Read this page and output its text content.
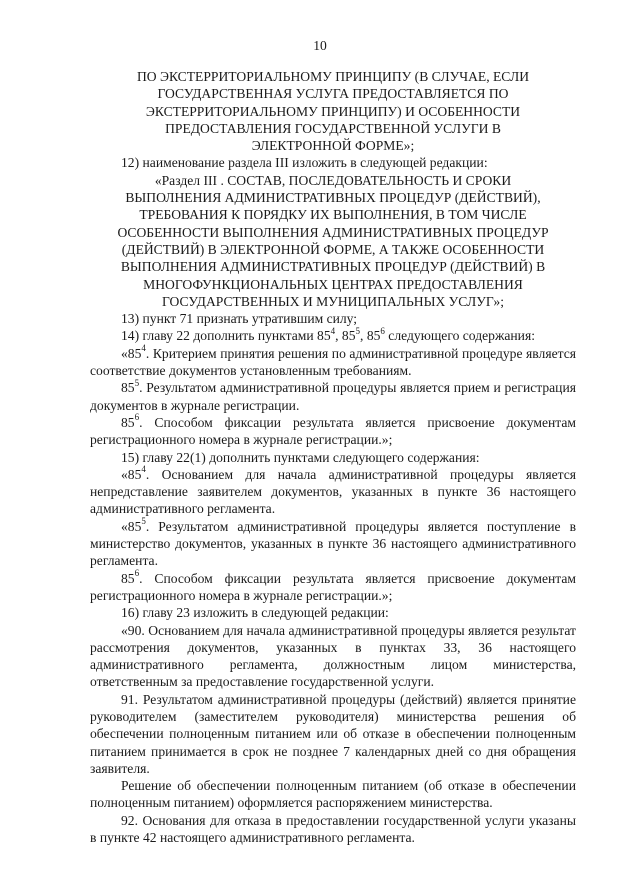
10
ПО ЭКСТЕРРИТОРИАЛЬНОМУ ПРИНЦИПУ (В СЛУЧАЕ, ЕСЛИ
ГОСУДАРСТВЕННАЯ УСЛУГА ПРЕДОСТАВЛЯЕТСЯ ПО
ЭКСТЕРРИТОРИАЛЬНОМУ ПРИНЦИПУ) И ОСОБЕННОСТИ
ПРЕДОСТАВЛЕНИЯ ГОСУДАРСТВЕННОЙ УСЛУГИ В
ЭЛЕКТРОННОЙ ФОРМЕ»;

12) наименование раздела III изложить в следующей редакции:

«Раздел III . СОСТАВ, ПОСЛЕДОВАТЕЛЬНОСТЬ И СРОКИ
ВЫПОЛНЕНИЯ АДМИНИСТРАТИВНЫХ ПРОЦЕДУР (ДЕЙСТВИЙ),
ТРЕБОВАНИЯ К ПОРЯДКУ ИХ ВЫПОЛНЕНИЯ, В ТОМ ЧИСЛЕ
ОСОБЕННОСТИ ВЫПОЛНЕНИЯ АДМИНИСТРАТИВНЫХ ПРОЦЕДУР
(ДЕЙСТВИЙ) В ЭЛЕКТРОННОЙ ФОРМЕ, А ТАКЖЕ ОСОБЕННОСТИ
ВЫПОЛНЕНИЯ АДМИНИСТРАТИВНЫХ ПРОЦЕДУР (ДЕЙСТВИЙ) В
МНОГОФУНКЦИОНАЛЬНЫХ ЦЕНТРАХ ПРЕДОСТАВЛЕНИЯ
ГОСУДАРСТВЕННЫХ И МУНИЦИПАЛЬНЫХ УСЛУГ»;

13) пункт 71 признать утратившим силу;

14) главу 22 дополнить пунктами $85^4$, $85^5$, $85^6$ следующего содержания:

«$85^4$. Критерием принятия решения по административной процедуре является соответствие документов установленным требованиям.

$85^5$. Результатом административной процедуры является прием и регистрация документов в журнале регистрации.

$85^6$. Способом фиксации результата является присвоение документам регистрационного номера в журнале регистрации.»;

15) главу 22(1) дополнить пунктами следующего содержания:

«$85^4$. Основанием для начала административной процедуры является непредставление заявителем документов, указанных в пункте 36 настоящего административного регламента.

«$85^5$. Результатом административной процедуры является поступление в министерство документов, указанных в пункте 36 настоящего административного регламента.

$85^6$. Способом фиксации результата является присвоение документам регистрационного номера в журнале регистрации.»;

16) главу 23 изложить в следующей редакции:

«90. Основанием для начала административной процедуры является результат рассмотрения документов, указанных в пунктах 33, 36 настоящего административного регламента, должностным лицом министерства, ответственным за предоставление государственной услуги.

91. Результатом административной процедуры (действий) является принятие руководителем (заместителем руководителя) министерства решения об обеспечении полноценным питанием или об отказе в обеспечении полноценным питанием принимается в срок не позднее 7 календарных дней со дня обращения заявителя.

Решение об обеспечении полноценным питанием (об отказе в обеспечении полноценным питанием) оформляется распоряжением министерства.

92. Основания для отказа в предоставлении государственной услуги указаны в пункте 42 настоящего административного регламента.
